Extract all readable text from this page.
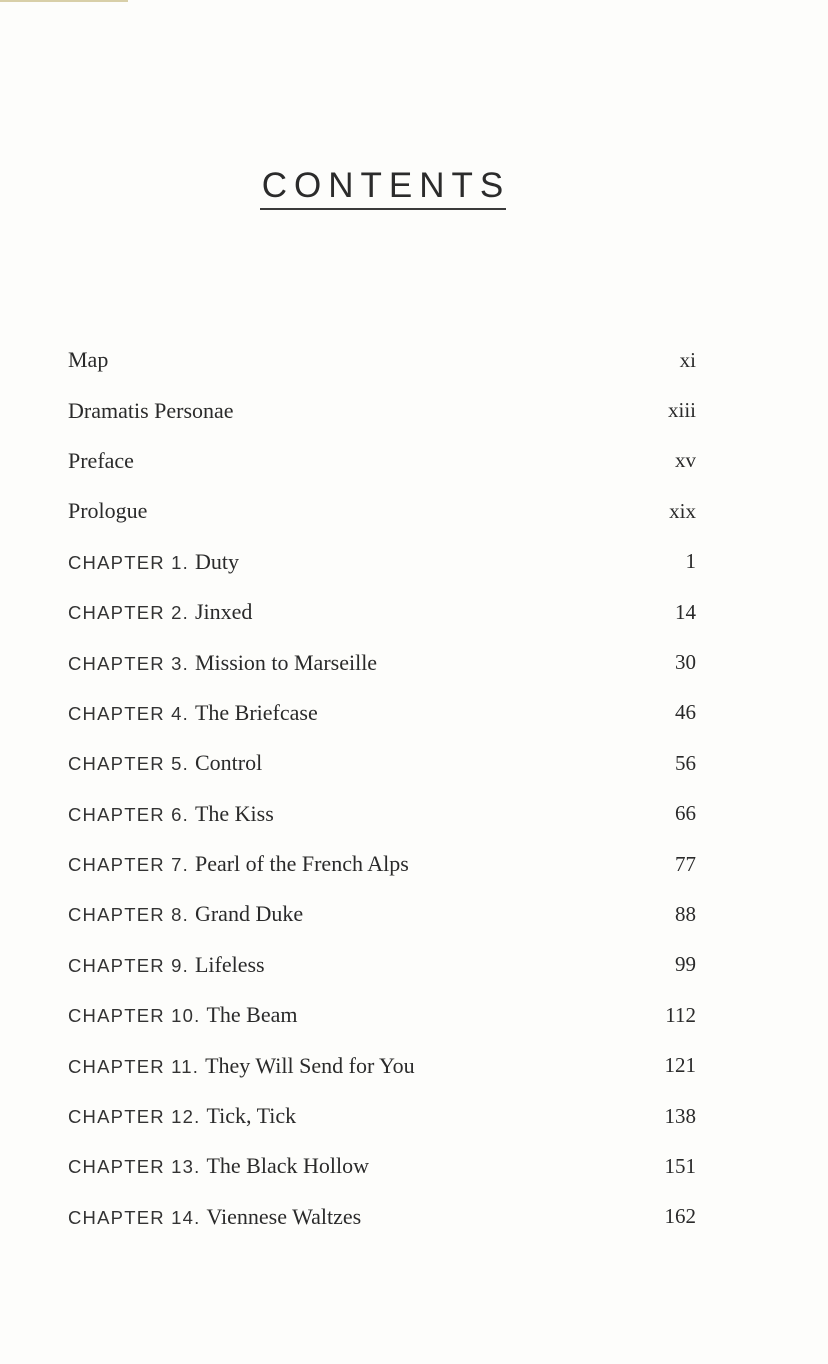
CONTENTS
Map	xi
Dramatis Personae	xiii
Preface	xv
Prologue	xix
CHAPTER 1. Duty	1
CHAPTER 2. Jinxed	14
CHAPTER 3. Mission to Marseille	30
CHAPTER 4. The Briefcase	46
CHAPTER 5. Control	56
CHAPTER 6. The Kiss	66
CHAPTER 7. Pearl of the French Alps	77
CHAPTER 8. Grand Duke	88
CHAPTER 9. Lifeless	99
CHAPTER 10. The Beam	112
CHAPTER 11. They Will Send for You	121
CHAPTER 12. Tick, Tick	138
CHAPTER 13. The Black Hollow	151
CHAPTER 14. Viennese Waltzes	162
